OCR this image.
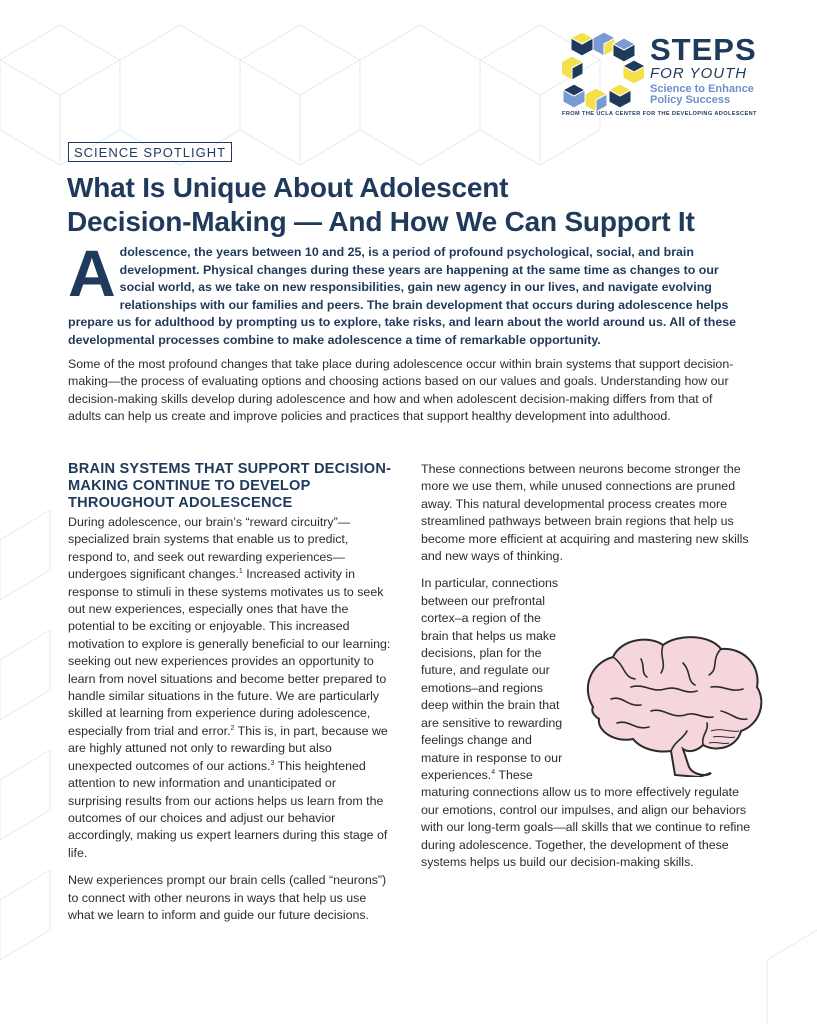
STEPS
FOR YOUTH
Science to Enhance
Policy Success
FROM THE UCLA CENTER FOR THE DEVELOPING ADOLESCENT
SCIENCE SPOTLIGHT
What Is Unique About Adolescent
Decision-Making — And How We Can Support It

Adolescence, the years between 10 and 25, is a period of profound psychological, social, and brain development. Physical changes during these years are happening at the same time as changes to our social world, as we take on new responsibilities, gain new agency in our lives, and navigate evolving relationships with our families and peers. The brain development that occurs during adolescence helps prepare us for adulthood by prompting us to explore, take risks, and learn about the world around us. All of these developmental processes combine to make adolescence a time of remarkable opportunity.

Some of the most profound changes that take place during adolescence occur within brain systems that support decision-making—the process of evaluating options and choosing actions based on our values and goals. Understanding how our decision-making skills develop during adolescence and how and when adolescent decision-making differs from that of adults can help us create and improve policies and practices that support healthy development into adulthood.

BRAIN SYSTEMS THAT SUPPORT DECISION-MAKING CONTINUE TO DEVELOP THROUGHOUT ADOLESCENCE

During adolescence, our brain’s “reward circuitry”—specialized brain systems that enable us to predict, respond to, and seek out rewarding experiences—undergoes significant changes.$^1$ Increased activity in response to stimuli in these systems motivates us to seek out new experiences, especially ones that have the potential to be exciting or enjoyable. This increased motivation to explore is generally beneficial to our learning: seeking out new experiences provides an opportunity to learn from novel situations and become better prepared to handle similar situations in the future. We are particularly skilled at learning from experience during adolescence, especially from trial and error.$^2$ This is, in part, because we are highly attuned not only to rewarding but also unexpected outcomes of our actions.$^3$ This heightened attention to new information and unanticipated or surprising results from our actions helps us learn from the outcomes of our choices and adjust our behavior accordingly, making us expert learners during this stage of life.

New experiences prompt our brain cells (called “neurons”) to connect with other neurons in ways that help us use what we learn to inform and guide our future decisions.

These connections between neurons become stronger the more we use them, while unused connections are pruned away. This natural developmental process creates more streamlined pathways between brain regions that help us become more efficient at acquiring and mastering new skills and new ways of thinking.

In particular, connections between our prefrontal cortex–a region of the brain that helps us make decisions, plan for the future, and regulate our emotions–and regions deep within the brain that are sensitive to rewarding feelings change and mature in response to our experiences.$^4$ These maturing connections allow us to more effectively regulate our emotions, control our impulses, and align our behaviors with our long-term goals—all skills that we continue to refine during adolescence. Together, the development of these systems helps us build our decision-making skills.
